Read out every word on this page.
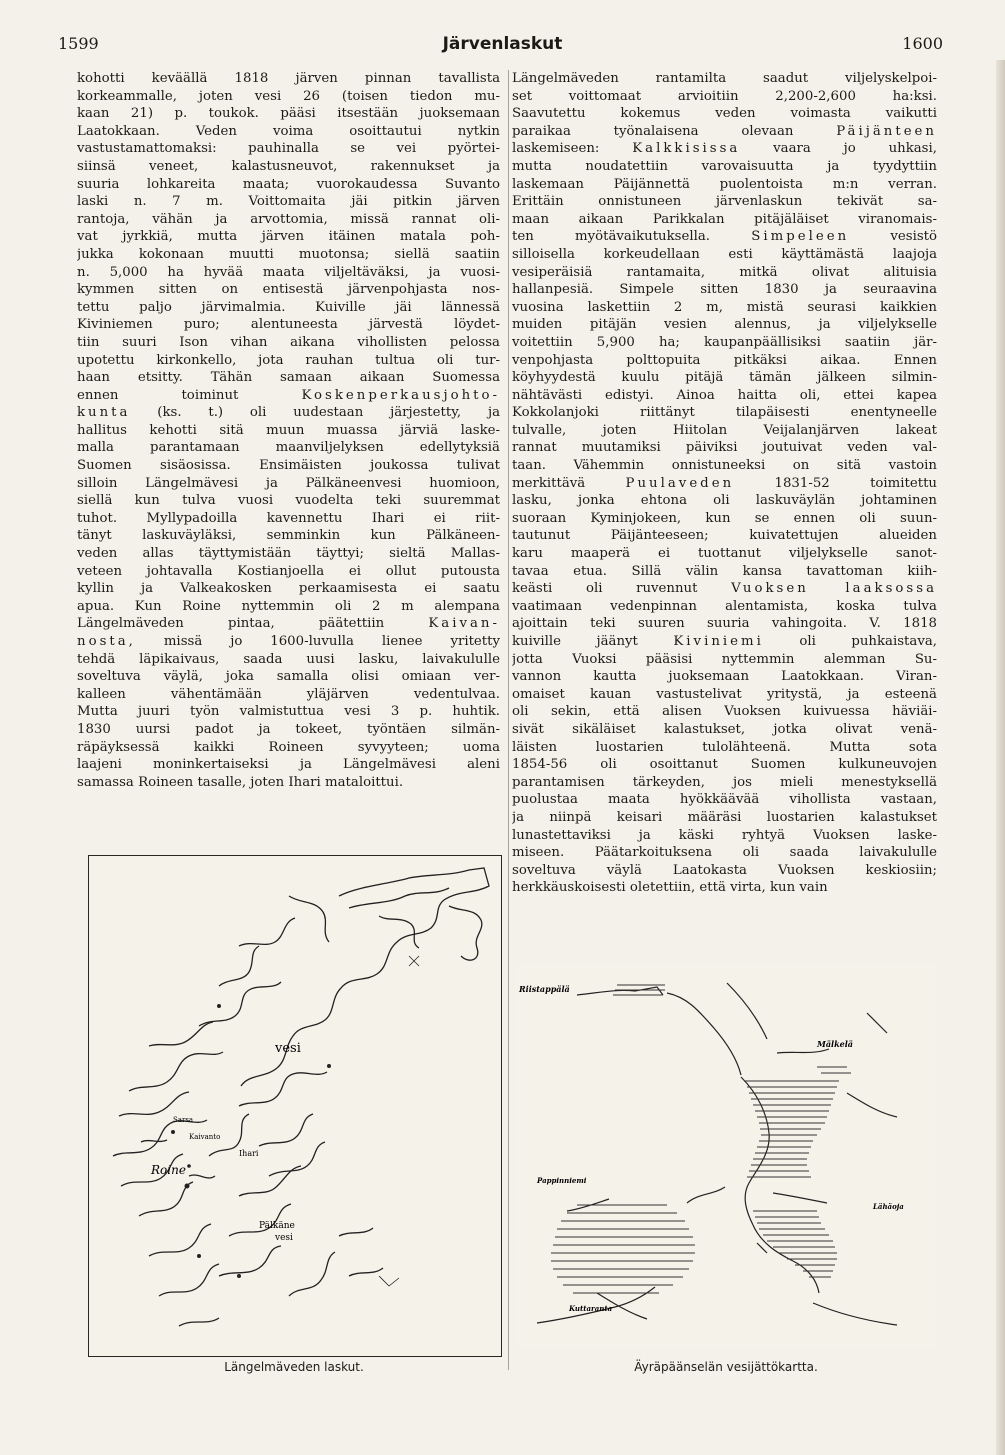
1599	Järvenlaskut	1600
kohotti keväällä 1818 järven pinnan tavallista
korkeammalle, joten vesi 26 (toisen tiedon mu-
kaan 21) p. toukok. pääsi itsestään juoksemaan
Laatokkaan. Veden voima osoittautui nytkin
vastustamattomaksi: pauhinalla se vei pyörtei-
siinsä veneet, kalastusneuvot, rakennukset ja
suuria lohkareita maata; vuorokaudessa Suvanto
laski n. 7 m. Voittomaita jäi pitkin järven
rantoja, vähän ja arvottomia, missä rannat oli-
vat jyrkkiä, mutta järven itäinen matala poh-
jukka kokonaan muutti muotonsa; siellä saatiin
n. 5,000 ha hyvää maata viljeltäväksi, ja vuosi-
kymmen sitten on entisestä järvenpohjasta nos-
tettu paljo järvimalmia. Kuiville jäi lännessä
Kiviniemen puro; alentuneesta järvestä löydet-
tiin suuri Ison vihan aikana vihollisten pelossa
upotettu kirkonkello, jota rauhan tultua oli tur-
haan etsitty. Tähän samaan aikaan Suomessa
ennen toiminut	Koskenperkausjohto-
kunta (ks. t.) oli uudestaan järjestetty, ja
hallitus kehotti sitä muun muassa järviä laske-
malla parantamaan maanviljelyksen edellytyksiä
Suomen sisäosissa. Ensimäisten joukossa tulivat
silloin Längelmävesi ja Pälkäneenvesi huomioon,
siellä kun tulva vuosi vuodelta teki suuremmat
tuhot. Myllypadoilla kavennettu Ihari ei riit-
tänyt laskuväyläksi, semminkin kun Pälkäneen-
veden allas täyttymistään täyttyi; sieltä Mallas-
veteen johtavalla Kostianjoella ei ollut putousta
kyllin ja Valkeakosken perkaamisesta ei saatu
apua. Kun Roine nyttemmin oli 2 m alempana
Längelmäveden pintaa, päätettiin	Kaivan-
nosta, missä jo 1600-luvulla lienee yritetty
tehdä läpikaivaus, saada uusi lasku, laivakululle
soveltuva väylä, joka samalla olisi omiaan ver-
kalleen vähentämään yläjärven vedentulvaa.
Mutta juuri työn valmistuttua vesi 3 p. huhtik.
1830 uursi padot ja tokeet, työntäen silmän-
räpäyksessä kaikki Roineen syvyyteen; uoma
laajeni moninkertaiseksi ja Längelmävesi aleni
samassa Roineen tasalle, joten Ihari mataloittui.
Längelmäveden rantamilta saadut viljelyskelpoi-
set voittomaat arvioitiin 2,200-2,600 ha:ksi.
Saavutettu kokemus veden voimasta vaikutti
paraikaa työnalaisena olevaan	Päijänteen
laskemiseen: Kalkkisissa vaara jo uhkasi,
mutta noudatettiin varovaisuutta ja tyydyttiin
laskemaan Päijännettä puolentoista m:n verran.
Erittäin onnistuneen järvenlaskun tekivät sa-
maan aikaan Parikkalan pitäjäläiset viranomais-
ten myötävaikutuksella.	Simpeleen	vesistö
silloisella korkeudellaan esti käyttämästä laajoja
vesiperäisiä rantamaita, mitkä olivat alituisia
hallanpesiä. Simpele sitten 1830 ja seuraavina
vuosina laskettiin 2 m, mistä seurasi kaikkien
muiden pitäjän vesien alennus, ja viljelykselle
voitettiin 5,900 ha; kaupanpäällisiksi saatiin jär-
venpohjasta polttopuita pitkäksi aikaa. Ennen
köyhyydestä kuulu pitäjä tämän jälkeen silmin-
nähtävästi edistyi. Ainoa haitta oli, ettei kapea
Kokkolanjoki riittänyt tilapäisesti enentyneelle
tulvalle, joten Hiitolan Veijalanjärven lakeat
rannat muutamiksi päiviksi joutuivat veden val-
taan. Vähemmin onnistuneeksi on sitä vastoin
merkittävä	Puulaveden	1831-52 toimitettu
lasku, jonka ehtona oli laskuväylän johtaminen
suoraan Kyminjokeen, kun se ennen oli suun-
tautunut Päijänteeseen; kuivatettujen alueiden
karu maaperä ei tuottanut viljelykselle sanot-
tavaa etua. Sillä välin kansa tavattoman kiih-
keästi oli ruvennut	Vuoksen laaksossa
vaatimaan vedenpinnan alentamista, koska tulva
ajoittain teki suuren suuria vahingoita. V. 1818
kuiville jäänyt	Kiviniemi	oli puhkaistava,
jotta Vuoksi pääsisi nyttemmin alemman Su-
vannon kautta juoksemaan Laatokkaan. Viran-
omaiset kauan vastustelivat yritystä, ja esteenä
oli sekin, että alisen Vuoksen kuivuessa häviäi-
sivät sikäläiset kalastukset, jotka olivat venä-
läisten luostarien tulolähteenä. Mutta sota
1854-56 oli osoittanut Suomen kulkuneuvojen
parantamisen tärkeyden, jos mieli menestyksellä
puolustaa maata hyökkäävää vihollista vastaan,
ja niinpä keisari määräsi luostarien kalastukset
lunastettaviksi ja käski ryhtyä Vuoksen laske-
miseen. Päätarkoituksena oli saada laivakululle
soveltuva väylä Laatokasta Vuoksen keskiosiin;
herkkäuskoisesti oletettiin, että virta, kun vain
vesi
Roine
Kaivanto
Ihari
Pälkäne
vesi
Sarsa
Längelmäveden laskut.
Riistappälä
Mälkelä
Pappinniemi
Lähäoja
Kuttaranta
Äyräpäänselän vesijättökartta.
